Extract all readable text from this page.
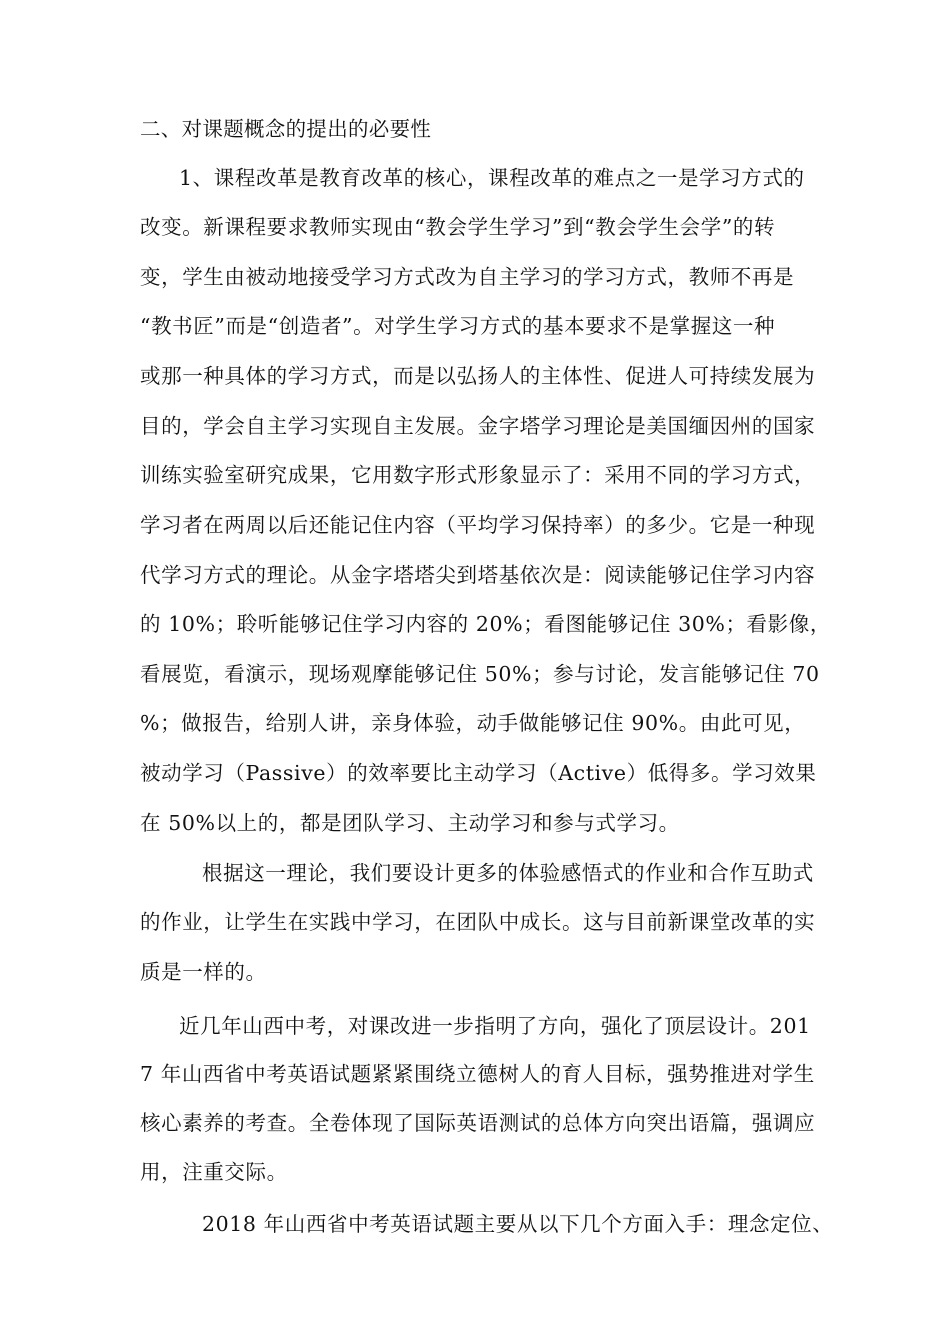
二、对课题概念的提出的必要性
1、课程改革是教育改革的核心，课程改革的难点之一是学习方式的
改变。新课程要求教师实现由“教会学生学习”到“教会学生会学”的转
变，学生由被动地接受学习方式改为自主学习的学习方式，教师不再是
“教书匠”而是“创造者”。对学生学习方式的基本要求不是掌握这一种
或那一种具体的学习方式，而是以弘扬人的主体性、促进人可持续发展为
目的，学会自主学习实现自主发展。金字塔学习理论是美国缅因州的国家
训练实验室研究成果，它用数字形式形象显示了：采用不同的学习方式，
学习者在两周以后还能记住内容（平均学习保持率）的多少。它是一种现
代学习方式的理论。从金字塔塔尖到塔基依次是：阅读能够记住学习内容
的 10%；聆听能够记住学习内容的 20%；看图能够记住 30%；看影像，
看展览，看演示，现场观摩能够记住 50%；参与讨论，发言能够记住 70
%；做报告，给别人讲，亲身体验，动手做能够记住 90%。由此可见，
被动学习（Passive）的效率要比主动学习（Active）低得多。学习效果
在 50%以上的，都是团队学习、主动学习和参与式学习。
根据这一理论，我们要设计更多的体验感悟式的作业和合作互助式
的作业，让学生在实践中学习，在团队中成长。这与目前新课堂改革的实
质是一样的。
近几年山西中考，对课改进一步指明了方向，强化了顶层设计。201
7 年山西省中考英语试题紧紧围绕立德树人的育人目标，强势推进对学生
核心素养的考查。全卷体现了国际英语测试的总体方向突出语篇，强调应
用，注重交际。
2018 年山西省中考英语试题主要从以下几个方面入手：理念定位、
